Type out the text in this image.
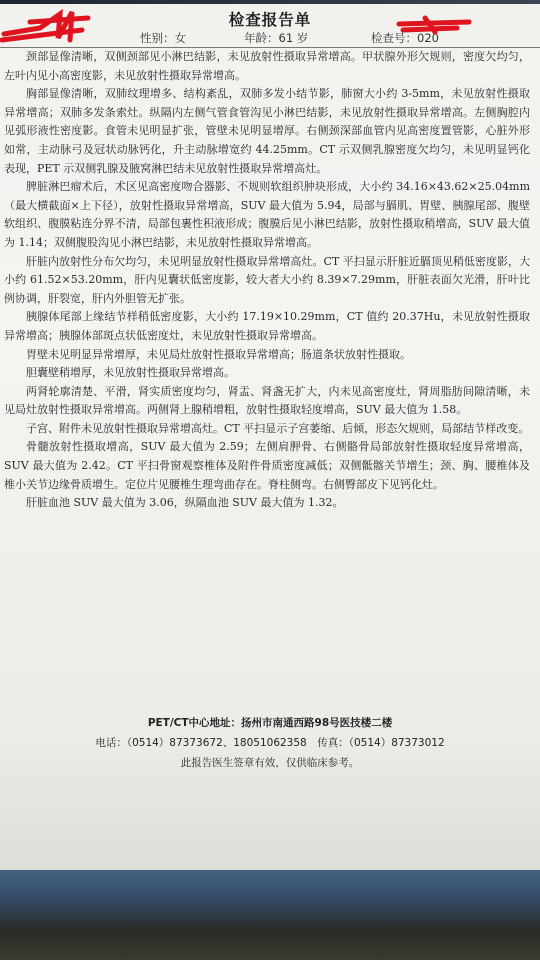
检查报告单
性别：女	年龄：61 岁	检查号：020

颈部显像清晰，双侧颈部见小淋巴结影，未见放射性摄取异常增高。甲状腺外形欠规则，密度欠均匀，左叶内见小高密度影，未见放射性摄取异常增高。

胸部显像清晰，双肺纹理增多、结构紊乱，双肺多发小结节影，肺窗大小约 3-5mm，未见放射性摄取异常增高；双肺多发条索灶。纵隔内左侧气管食管沟见小淋巴结影，未见放射性摄取异常增高。左侧胸腔内见弧形液性密度影。食管未见明显扩张，管壁未见明显增厚。右侧颈深部血管内见高密度置管影，心脏外形如常，主动脉弓及冠状动脉钙化，升主动脉增宽约 44.25mm。CT 示双侧乳腺密度欠均匀，未见明显钙化表现，PET 示双侧乳腺及腋窝淋巴结未见放射性摄取异常增高灶。

脾脏淋巴瘤术后，术区见高密度吻合器影、不规则软组织肿块形成，大小约 34.16×43.62×25.04mm（最大横截面×上下径），放射性摄取异常增高，SUV 最大值为 5.94，局部与膈肌、胃壁、胰腺尾部、腹壁软组织、腹膜粘连分界不清，局部包裹性积液形成；腹膜后见小淋巴结影，放射性摄取稍增高，SUV 最大值为 1.14；双侧腹股沟见小淋巴结影，未见放射性摄取异常增高。

肝脏内放射性分布欠均匀，未见明显放射性摄取异常增高灶。CT 平扫显示肝脏近膈顶见稍低密度影，大小约 61.52×53.20mm，肝内见囊状低密度影，较大者大小约 8.39×7.29mm，肝脏表面欠光滑，肝叶比例协调，肝裂宽，肝内外胆管无扩张。

胰腺体尾部上缘结节样稍低密度影，大小约 17.19×10.29mm，CT 值约 20.37Hu，未见放射性摄取异常增高；胰腺体部斑点状低密度灶，未见放射性摄取异常增高。

胃壁未见明显异常增厚，未见局灶放射性摄取异常增高；肠道条状放射性摄取。

胆囊壁稍增厚，未见放射性摄取异常增高。

两肾轮廓清楚、平滑，肾实质密度均匀，肾盂、肾盏无扩大，内未见高密度灶，肾周脂肪间隙清晰，未见局灶放射性摄取异常增高。两侧肾上腺稍增粗，放射性摄取轻度增高，SUV 最大值为 1.58。

子宫、附件未见放射性摄取异常增高灶。CT 平扫显示子宫萎缩、后倾，形态欠规则，局部结节样改变。

骨髓放射性摄取增高，SUV 最大值为 2.59；左侧肩胛骨、右侧骼骨局部放射性摄取轻度异常增高，SUV 最大值为 2.42。CT 平扫骨窗观察椎体及附件骨质密度减低；双侧骶髂关节增生；颈、胸、腰椎体及椎小关节边缘骨质增生。定位片见腰椎生理弯曲存在。脊柱侧弯。右侧臀部皮下见钙化灶。

肝脏血池 SUV 最大值为 3.06，纵隔血池 SUV 最大值为 1.32。

PET/CT中心地址：扬州市南通西路98号医技楼二楼
电话：（0514）87373672、18051062358　传真：（0514）87373012
此报告医生签章有效，仅供临床参考。
